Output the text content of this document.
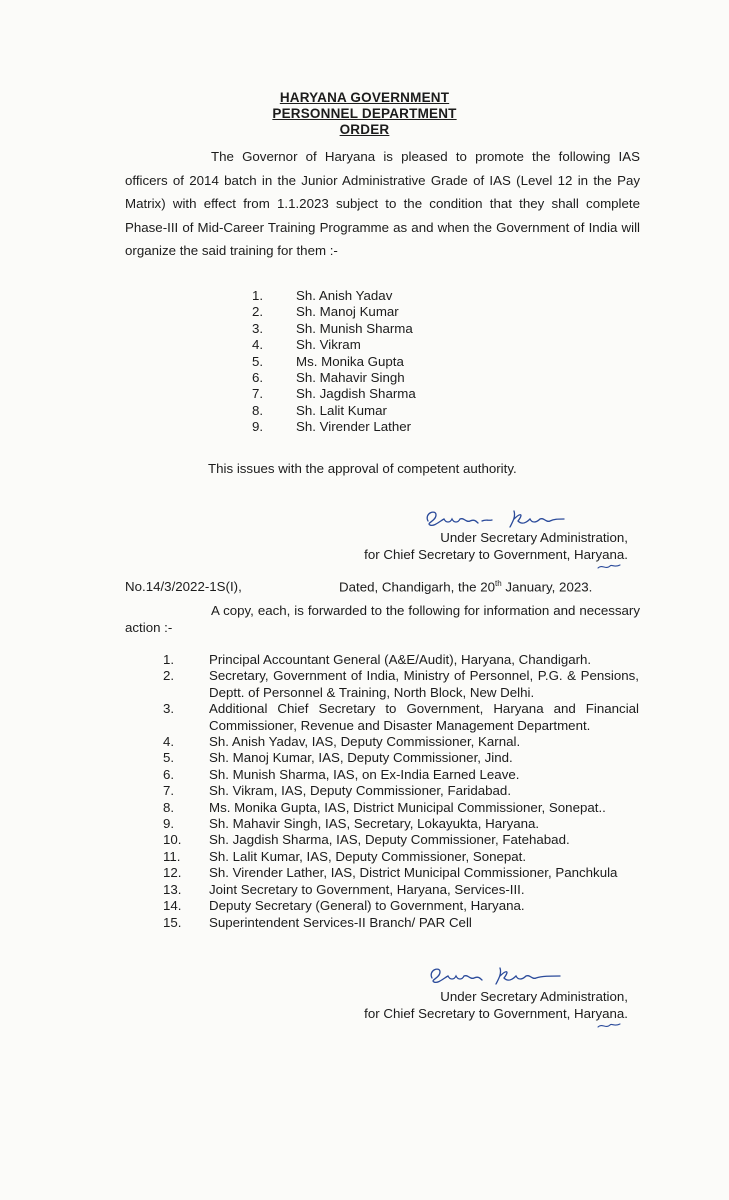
HARYANA GOVERNMENT
PERSONNEL DEPARTMENT
ORDER
The Governor of Haryana is pleased to promote the following IAS officers of 2014 batch in the Junior Administrative Grade of IAS (Level 12 in the Pay Matrix) with effect from 1.1.2023 subject to the condition that they shall complete Phase-III of Mid-Career Training Programme as and when the Government of India will organize the said training for them :-
1. Sh. Anish Yadav
2. Sh. Manoj Kumar
3. Sh. Munish Sharma
4. Sh. Vikram
5. Ms. Monika Gupta
6. Sh. Mahavir Singh
7. Sh. Jagdish Sharma
8. Sh. Lalit Kumar
9. Sh. Virender Lather
This issues with the approval of competent authority.
Under Secretary Administration,
for Chief Secretary to Government, Haryana.
No.14/3/2022-1S(I),	Dated, Chandigarh, the 20th January, 2023.
A copy, each, is forwarded to the following for information and necessary action :-
1.	Principal Accountant General (A&E/Audit), Haryana, Chandigarh.
2.	Secretary, Government of India, Ministry of Personnel, P.G. & Pensions, Deptt. of Personnel & Training, North Block, New Delhi.
3.	Additional Chief Secretary to Government, Haryana and Financial Commissioner, Revenue and Disaster Management Department.
4.	Sh. Anish Yadav, IAS, Deputy Commissioner, Karnal.
5.	Sh. Manoj Kumar, IAS, Deputy Commissioner, Jind.
6.	Sh. Munish Sharma, IAS, on Ex-India Earned Leave.
7.	Sh. Vikram, IAS, Deputy Commissioner, Faridabad.
8.	Ms. Monika Gupta, IAS, District Municipal Commissioner, Sonepat..
9.	Sh. Mahavir Singh, IAS, Secretary, Lokayukta, Haryana.
10.	Sh. Jagdish Sharma, IAS, Deputy Commissioner, Fatehabad.
11.	Sh. Lalit Kumar, IAS, Deputy Commissioner, Sonepat.
12.	Sh. Virender Lather, IAS, District Municipal Commissioner, Panchkula
13.	Joint Secretary to Government, Haryana, Services-III.
14.	Deputy Secretary (General) to Government, Haryana.
15.	Superintendent Services-II Branch/ PAR Cell
Under Secretary Administration,
for Chief Secretary to Government, Haryana.
